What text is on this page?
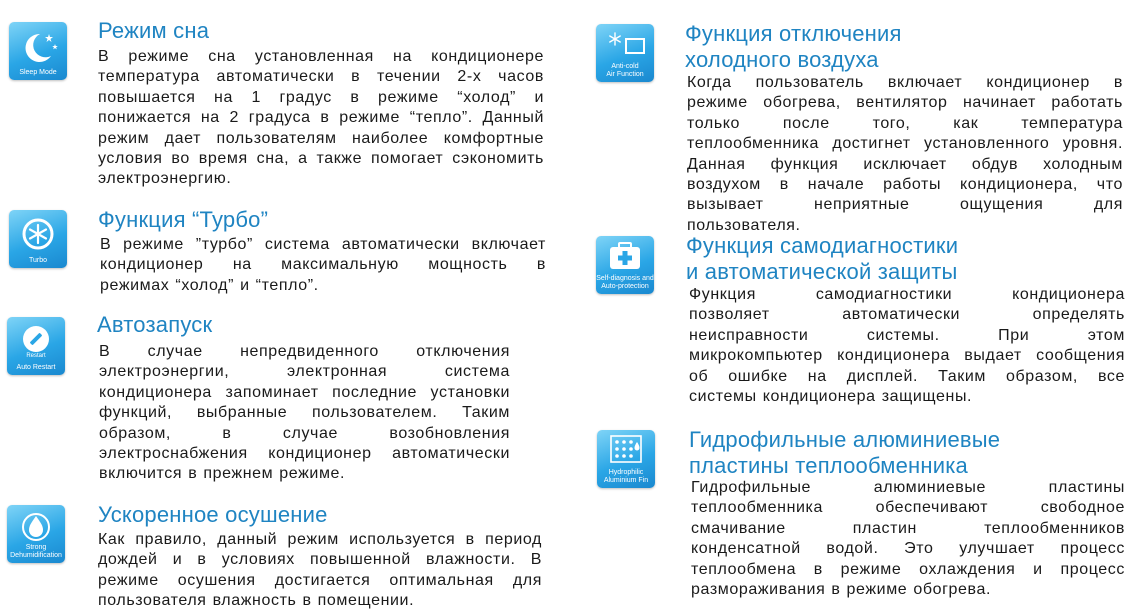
Sleep Mode
Режим сна
В режиме сна установленная на кондиционере
температура автоматически в течении 2-х часов
повышается на 1 градус в режиме “холод” и
понижается на 2 градуса в режиме “тепло”. Данный
режим дает пользователям наиболее комфортные
условия во время сна, а также помогает сэкономить
электроэнергию.
Turbo
Функция “Турбо”
В режиме ”турбо” система автоматически включает
кондиционер на максимальную мощность в
режимах “холод” и “тепло”.
Restart
Auto Restart
Автозапуск
В случае непредвиденного отключения
электроэнергии, электронная система
кондиционера запоминает последние установки
функций, выбранные пользователем. Таким
образом, в случае возобновления
электроснабжения кондиционер автоматически
включится в прежнем режиме.
Strong
Dehumidification
Ускоренное осушение
Как правило, данный режим используется в период
дождей и в условиях повышенной влажности. В
режиме осушения достигается оптимальная для
пользователя влажность в помещении.
Anti-cold
Air Function
Функция отключения
холодного воздуха
Когда пользователь включает кондиционер в
режиме обогрева, вентилятор начинает работать
только после того, как температура
теплообменника достигнет установленного уровня.
Данная функция исключает обдув холодным
воздухом в начале работы кондиционера, что
вызывает неприятные ощущения для
пользователя.
Self-diagnosis and
Auto-protection
Функция самодиагностики
и автоматической защиты
Функция самодиагностики кондиционера
позволяет автоматически определять
неисправности системы. При этом
микрокомпьютер кондиционера выдает сообщения
об ошибке на дисплей. Таким образом, все
системы кондиционера защищены.
Hydrophilic
Aluminium Fin
Гидрофильные алюминиевые
пластины теплообменника
Гидрофильные алюминиевые пластины
теплообменника обеспечивают свободное
смачивание пластин теплообменников
конденсатной водой. Это улучшает процесс
теплообмена в режиме охлаждения и процесс
размораживания в режиме обогрева.
